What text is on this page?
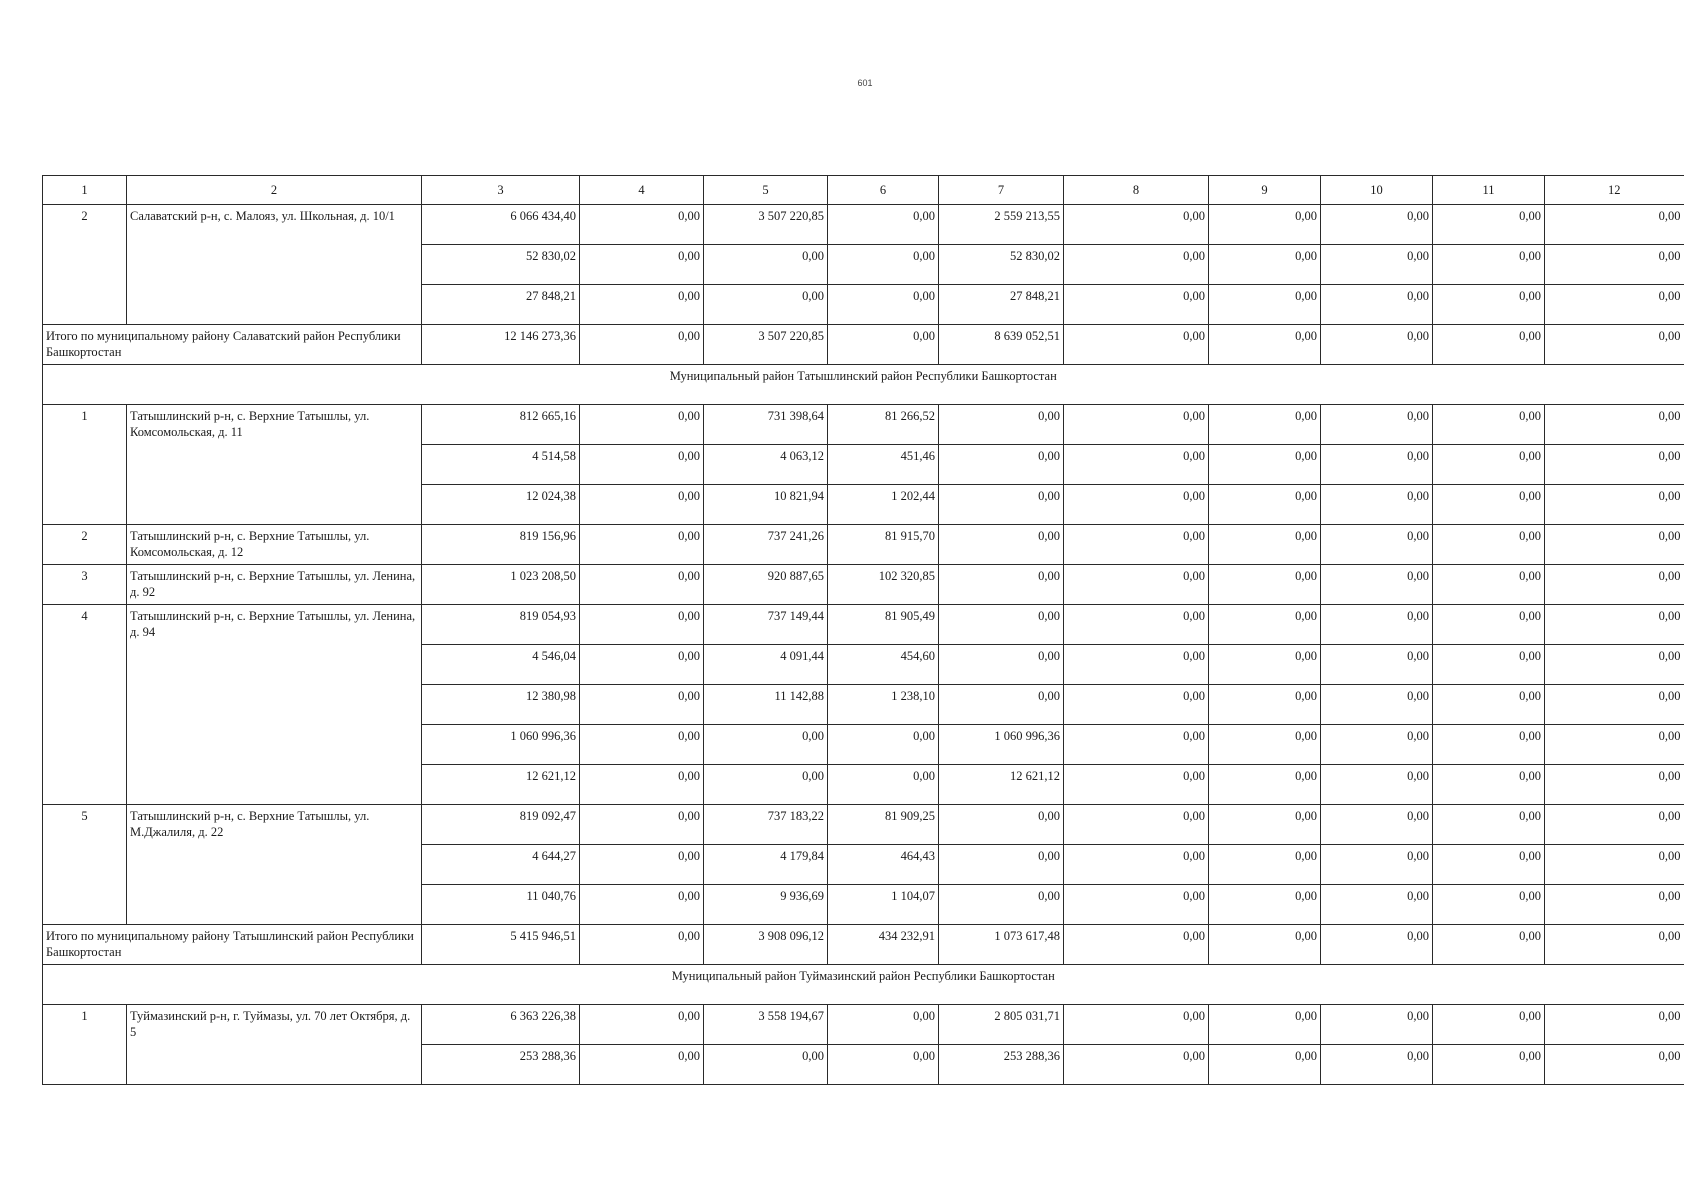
601
1	2	3	4	5	6	7	8	9	10	11	12
2	Салаватский р-н, с. Малояз, ул. Школьная, д. 10/1	6 066 434,40	0,00	3 507 220,85	0,00	2 559 213,55	0,00	0,00	0,00	0,00	0,00
		52 830,02	0,00	0,00	0,00	52 830,02	0,00	0,00	0,00	0,00	0,00
		27 848,21	0,00	0,00	0,00	27 848,21	0,00	0,00	0,00	0,00	0,00
Итого по муниципальному району Салаватский район Республики Башкортостан		12 146 273,36	0,00	3 507 220,85	0,00	8 639 052,51	0,00	0,00	0,00	0,00	0,00
Муниципальный район Татышлинский район Республики Башкортостан											
1	Татышлинский р-н, с. Верхние Татышлы, ул. Комсомольская, д. 11	812 665,16	0,00	731 398,64	81 266,52	0,00	0,00	0,00	0,00	0,00	0,00
		4 514,58	0,00	4 063,12	451,46	0,00	0,00	0,00	0,00	0,00	0,00
		12 024,38	0,00	10 821,94	1 202,44	0,00	0,00	0,00	0,00	0,00	0,00
2	Татышлинский р-н, с. Верхние Татышлы, ул. Комсомольская, д. 12	819 156,96	0,00	737 241,26	81 915,70	0,00	0,00	0,00	0,00	0,00	0,00
3	Татышлинский р-н, с. Верхние Татышлы, ул. Ленина, д. 92	1 023 208,50	0,00	920 887,65	102 320,85	0,00	0,00	0,00	0,00	0,00	0,00
4	Татышлинский р-н, с. Верхние Татышлы, ул. Ленина, д. 94	819 054,93	0,00	737 149,44	81 905,49	0,00	0,00	0,00	0,00	0,00	0,00
		4 546,04	0,00	4 091,44	454,60	0,00	0,00	0,00	0,00	0,00	0,00
		12 380,98	0,00	11 142,88	1 238,10	0,00	0,00	0,00	0,00	0,00	0,00
		1 060 996,36	0,00	0,00	0,00	1 060 996,36	0,00	0,00	0,00	0,00	0,00
		12 621,12	0,00	0,00	0,00	12 621,12	0,00	0,00	0,00	0,00	0,00
5	Татышлинский р-н, с. Верхние Татышлы, ул. М.Джалиля, д. 22	819 092,47	0,00	737 183,22	81 909,25	0,00	0,00	0,00	0,00	0,00	0,00
		4 644,27	0,00	4 179,84	464,43	0,00	0,00	0,00	0,00	0,00	0,00
		11 040,76	0,00	9 936,69	1 104,07	0,00	0,00	0,00	0,00	0,00	0,00
Итого по муниципальному району Татышлинский район Республики Башкортостан		5 415 946,51	0,00	3 908 096,12	434 232,91	1 073 617,48	0,00	0,00	0,00	0,00	0,00
Муниципальный район Туймазинский район Республики Башкортостан											
1	Туймазинский р-н, г. Туймазы, ул. 70 лет Октября, д. 5	6 363 226,38	0,00	3 558 194,67	0,00	2 805 031,71	0,00	0,00	0,00	0,00	0,00
		253 288,36	0,00	0,00	0,00	253 288,36	0,00	0,00	0,00	0,00	0,00
